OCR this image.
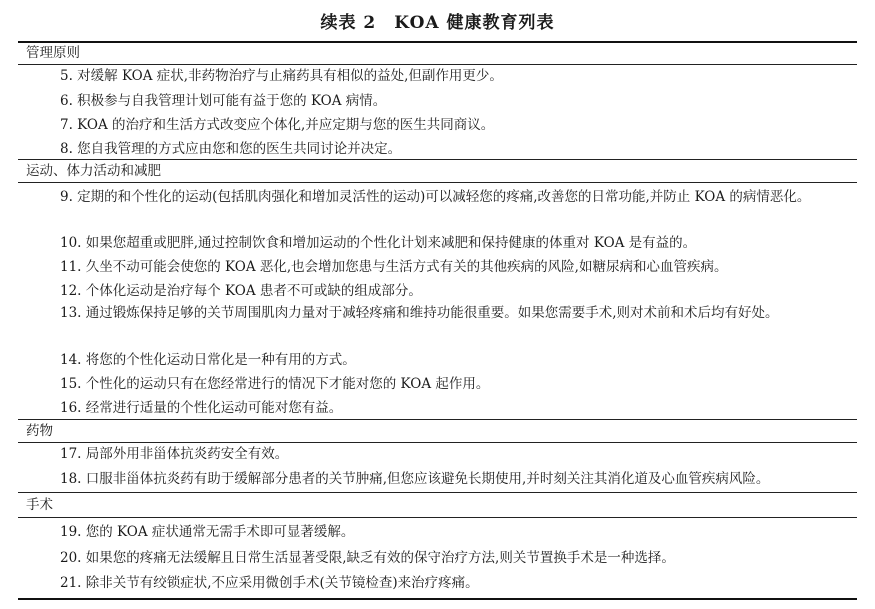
续表 2　KOA 健康教育列表
管理原则
5. 对缓解 KOA 症状,非药物治疗与止痛药具有相似的益处,但副作用更少。
6. 积极参与自我管理计划可能有益于您的 KOA 病情。
7. KOA 的治疗和生活方式改变应个体化,并应定期与您的医生共同商议。
8. 您自我管理的方式应由您和您的医生共同讨论并决定。
运动、体力活动和减肥
9. 定期的和个性化的运动(包括肌肉强化和增加灵活性的运动)可以减轻您的疼痛,改善您的日常功能,并防止 KOA 的病情恶化。
10. 如果您超重或肥胖,通过控制饮食和增加运动的个性化计划来减肥和保持健康的体重对 KOA 是有益的。
11. 久坐不动可能会使您的 KOA 恶化,也会增加您患与生活方式有关的其他疾病的风险,如糖尿病和心血管疾病。
12. 个体化运动是治疗每个 KOA 患者不可或缺的组成部分。
13. 通过锻炼保持足够的关节周围肌肉力量对于减轻疼痛和维持功能很重要。如果您需要手术,则对术前和术后均有好处。
14. 将您的个性化运动日常化是一种有用的方式。
15. 个性化的运动只有在您经常进行的情况下才能对您的 KOA 起作用。
16. 经常进行适量的个性化运动可能对您有益。
药物
17. 局部外用非甾体抗炎药安全有效。
18. 口服非甾体抗炎药有助于缓解部分患者的关节肿痛,但您应该避免长期使用,并时刻关注其消化道及心血管疾病风险。
手术
19. 您的 KOA 症状通常无需手术即可显著缓解。
20. 如果您的疼痛无法缓解且日常生活显著受限,缺乏有效的保守治疗方法,则关节置换手术是一种选择。
21. 除非关节有绞锁症状,不应采用微创手术(关节镜检查)来治疗疼痛。
